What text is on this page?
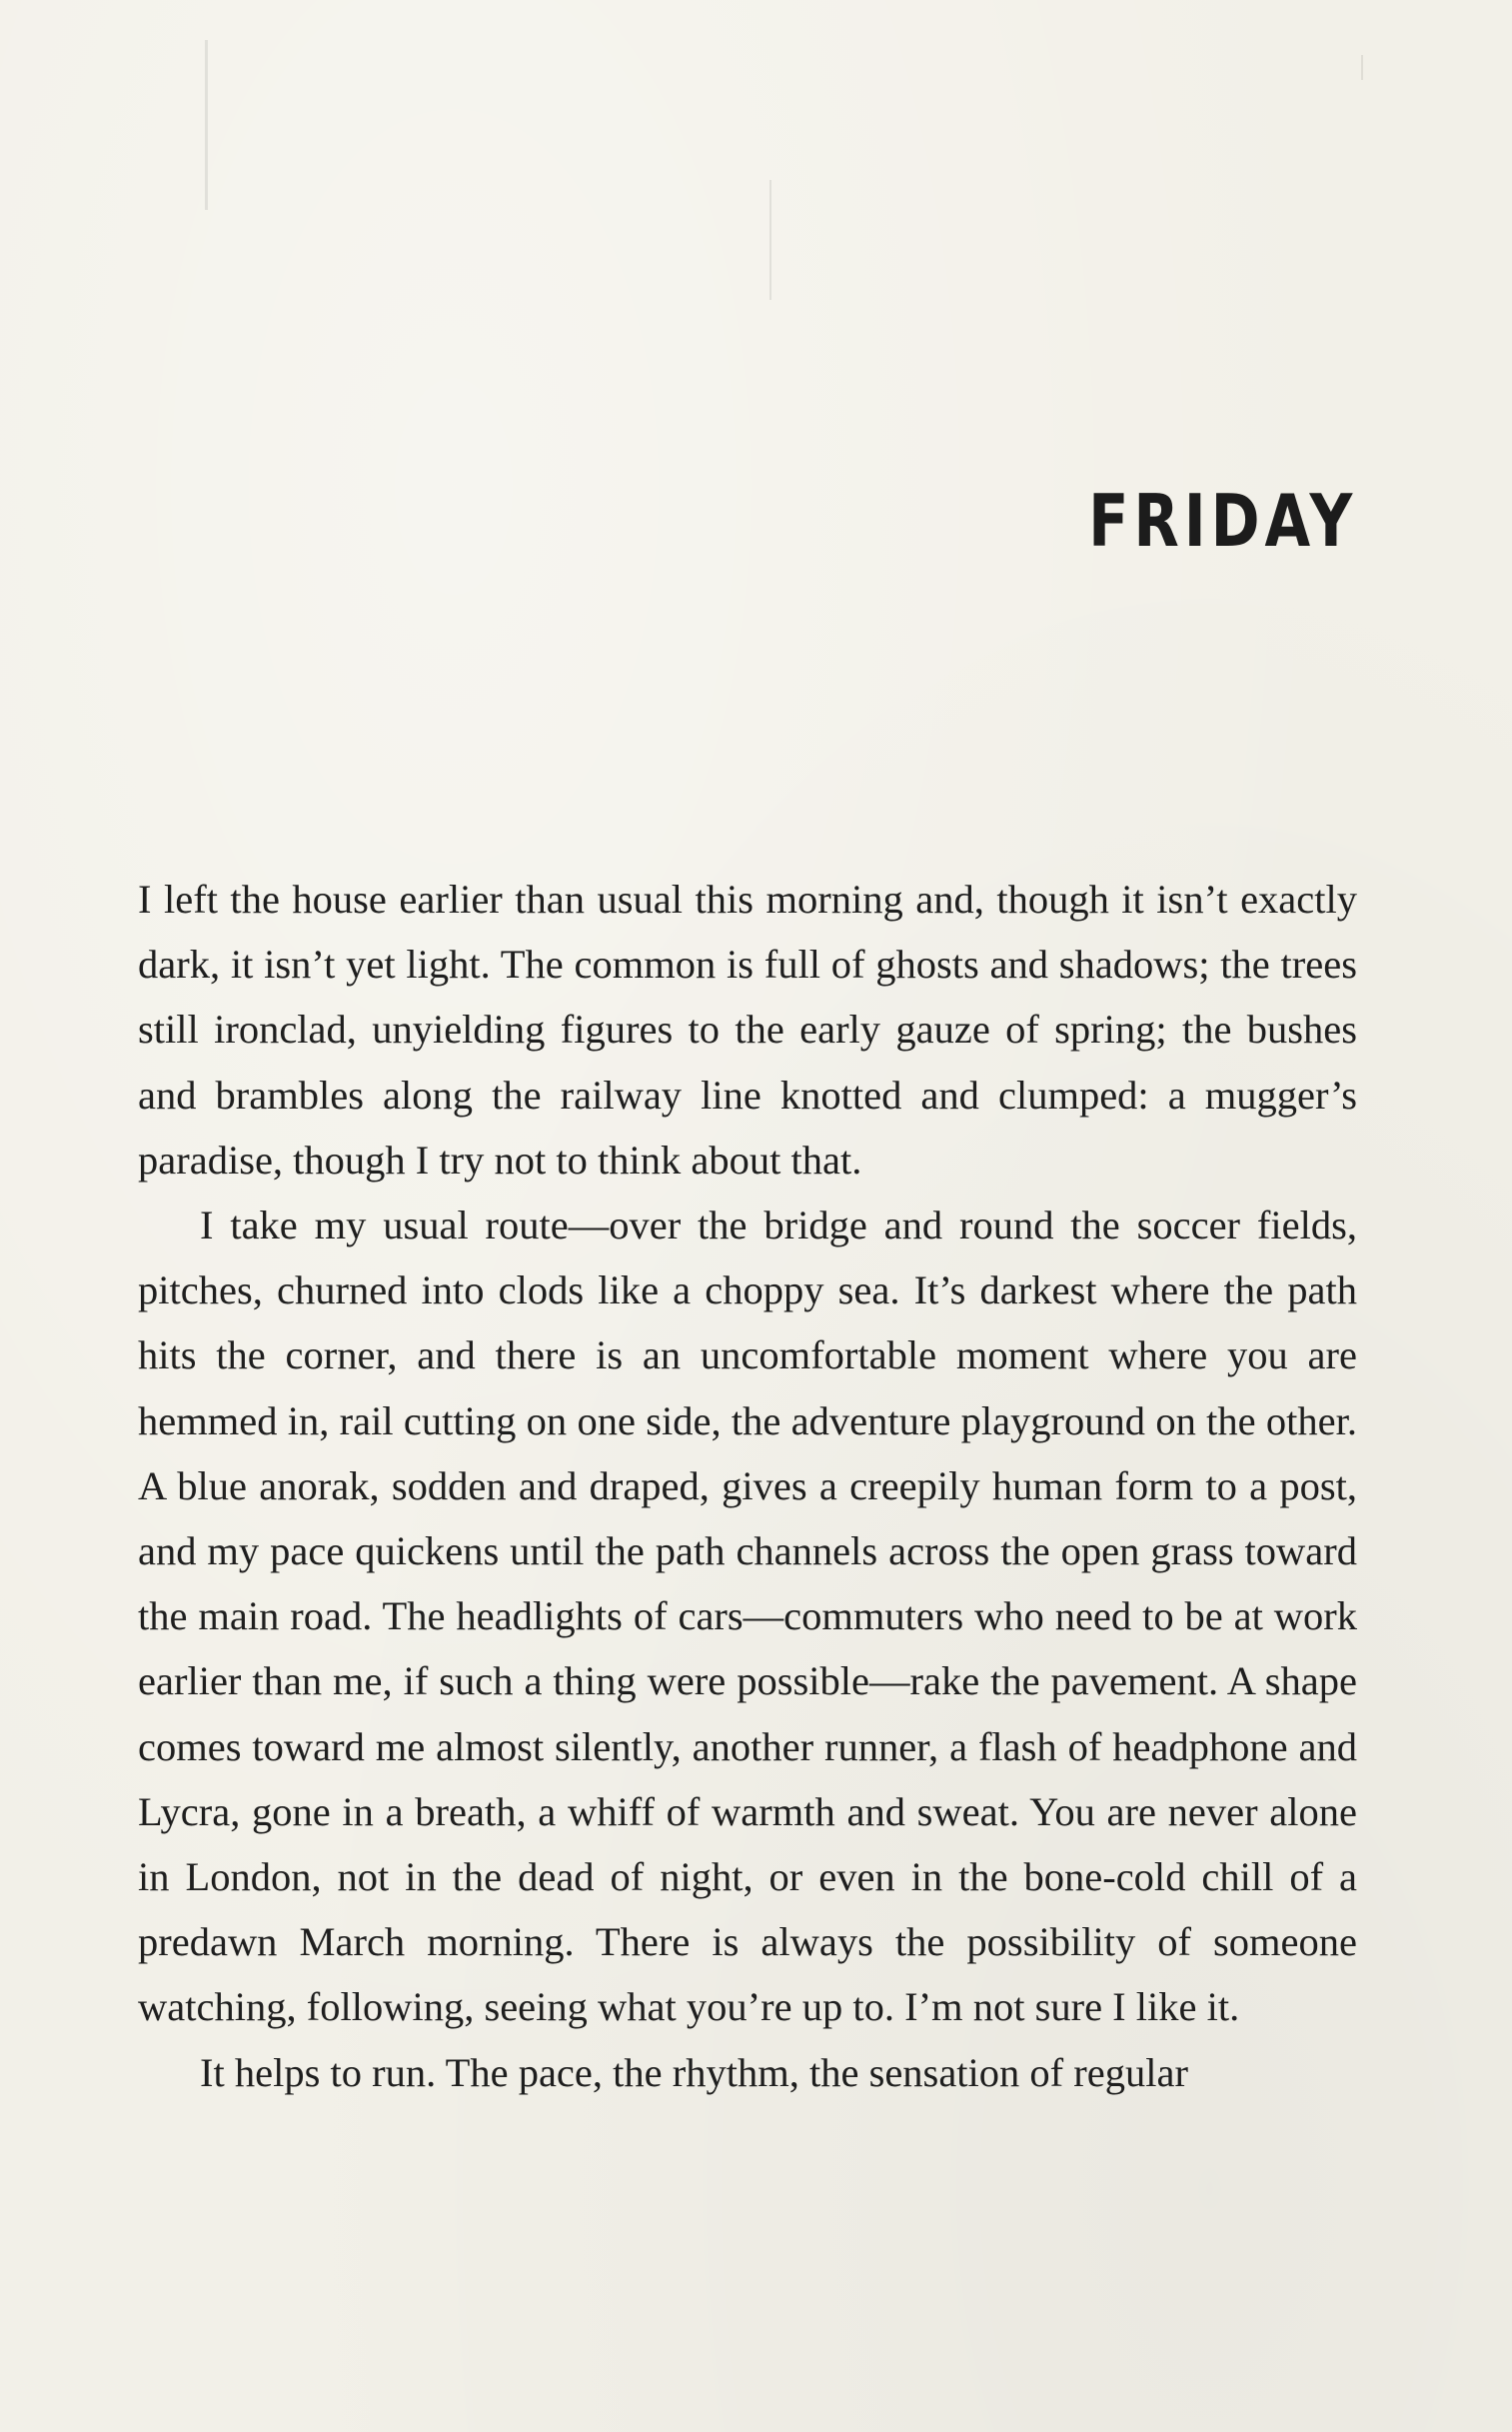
FRIDAY

I left the house earlier than usual this morning and, though it isn’t exactly dark, it isn’t yet light. The common is full of ghosts and shadows; the trees still ironclad, unyielding figures to the early gauze of spring; the bushes and brambles along the railway line knotted and clumped: a mugger’s paradise, though I try not to think about that.

I take my usual route—over the bridge and round the soccer fields, pitches, churned into clods like a choppy sea. It’s darkest where the path hits the corner, and there is an uncomfortable moment where you are hemmed in, rail cutting on one side, the adventure playground on the other. A blue anorak, sodden and draped, gives a creepily human form to a post, and my pace quickens until the path channels across the open grass toward the main road. The headlights of cars—commuters who need to be at work earlier than me, if such a thing were possible—rake the pavement. A shape comes toward me almost silently, another runner, a flash of headphone and Lycra, gone in a breath, a whiff of warmth and sweat. You are never alone in London, not in the dead of night, or even in the bone-cold chill of a predawn March morning. There is always the possibility of someone watching, following, seeing what you’re up to. I’m not sure I like it.

It helps to run. The pace, the rhythm, the sensation of regular
